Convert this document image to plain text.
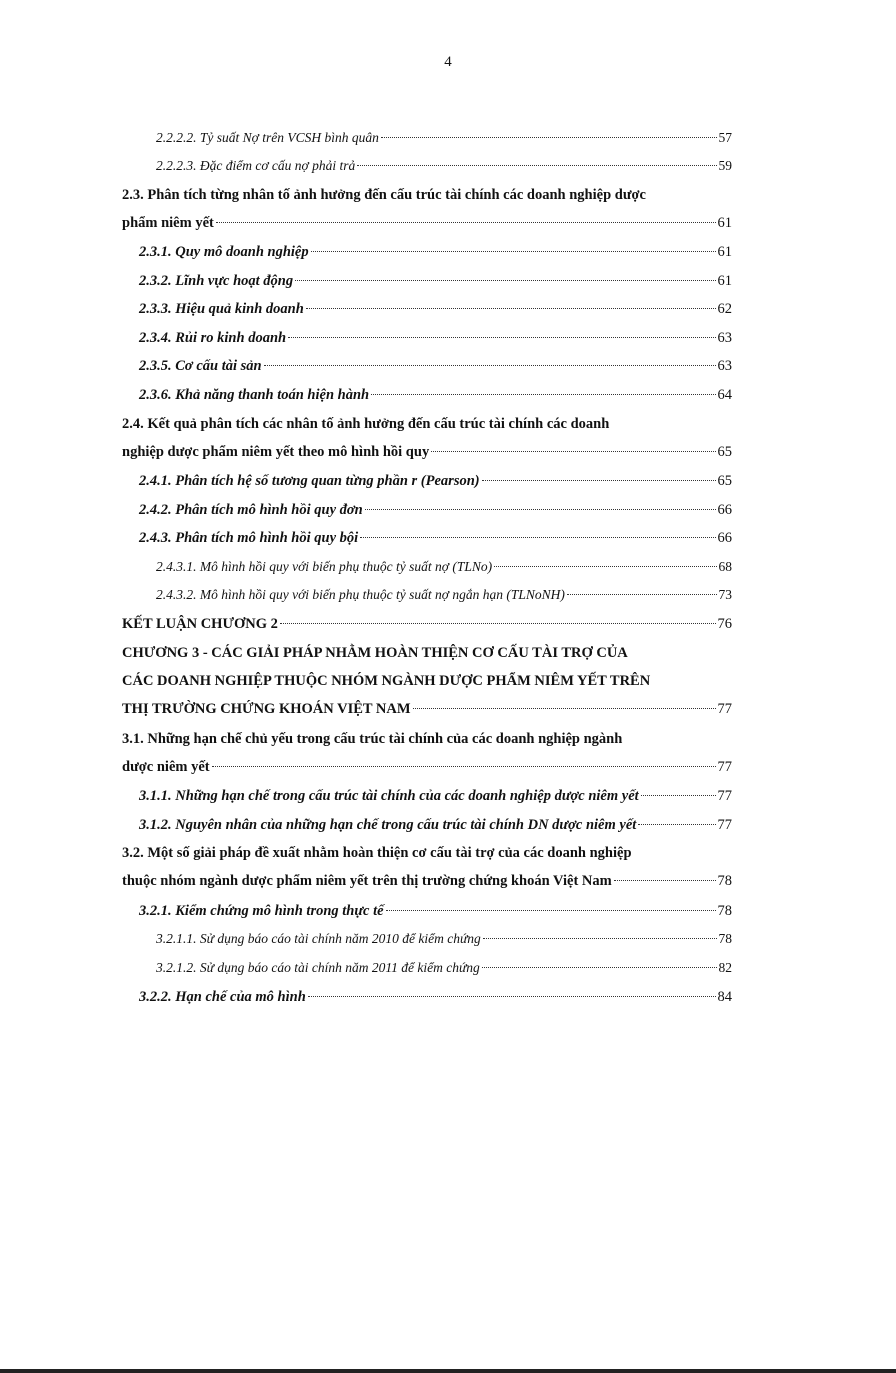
4
2.2.2.2. Tỷ suất Nợ trên VCSH bình quân	57
2.2.2.3. Đặc điểm cơ cấu nợ phải trả	59
2.3. Phân tích từng nhân tố ảnh hưởng đến cấu trúc tài chính các doanh nghiệp dược
phẩm niêm yết	61
2.3.1. Quy mô doanh nghiệp	61
2.3.2. Lĩnh vực hoạt động	61
2.3.3. Hiệu quả kinh doanh	62
2.3.4. Rủi ro kinh doanh	63
2.3.5. Cơ cấu tài sản	63
2.3.6. Khả năng thanh toán hiện hành	64
2.4. Kết quả phân tích các nhân tố ảnh hưởng đến cấu trúc tài chính các doanh
nghiệp dược phẩm niêm yết theo mô hình hồi quy	65
2.4.1. Phân tích hệ số tương quan từng phần r (Pearson)	65
2.4.2. Phân tích mô hình hồi quy đơn	66
2.4.3. Phân tích mô hình hồi quy bội	66
2.4.3.1. Mô hình hồi quy với biến phụ thuộc tỷ suất nợ (TLNo)	68
2.4.3.2. Mô hình hồi quy với biến phụ thuộc tỷ suất nợ ngắn hạn (TLNoNH)	73
KẾT LUẬN CHƯƠNG 2	76
CHƯƠNG 3 - CÁC GIẢI PHÁP NHẰM HOÀN THIỆN CƠ CẤU TÀI TRỢ CỦA
CÁC DOANH NGHIỆP THUỘC NHÓM NGÀNH DƯỢC PHẨM NIÊM YẾT TRÊN
THỊ TRƯỜNG CHỨNG KHOÁN VIỆT NAM	77
3.1. Những hạn chế chủ yếu trong cấu trúc tài chính của các doanh nghiệp ngành
dược niêm yết	77
3.1.1. Những hạn chế trong cấu trúc tài chính của các doanh nghiệp dược niêm yết	77
3.1.2. Nguyên nhân của những hạn chế trong cấu trúc tài chính DN dược niêm yết	77
3.2. Một số giải pháp đề xuất nhằm hoàn thiện cơ cấu tài trợ của các doanh nghiệp
thuộc nhóm ngành dược phẩm niêm yết trên thị trường chứng khoán Việt Nam	78
3.2.1. Kiểm chứng mô hình trong thực tế	78
3.2.1.1. Sử dụng báo cáo tài chính năm 2010 để kiểm chứng	78
3.2.1.2. Sử dụng báo cáo tài chính năm 2011 để kiểm chứng	82
3.2.2. Hạn chế của mô hình	84
